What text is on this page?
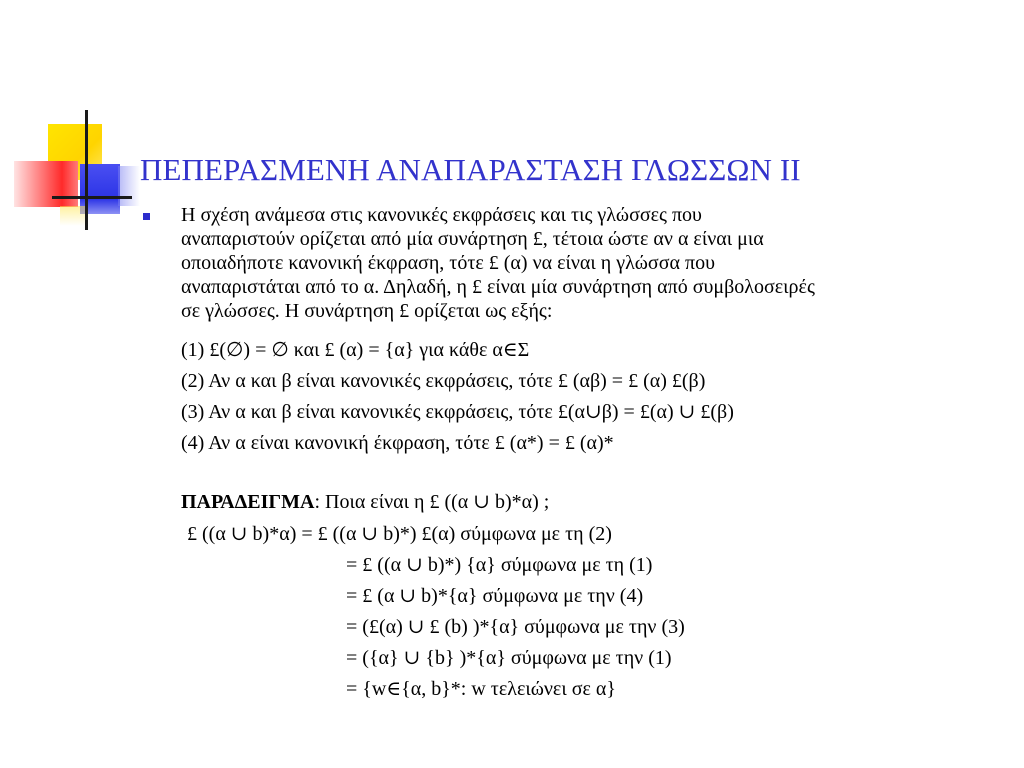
ΠΕΠΕΡΑΣΜΕΝΗ ΑΝΑΠΑΡΑΣΤΑΣΗ ΓΛΩΣΣΩΝ ΙΙ

Η σχέση ανάμεσα στις κανονικές εκφράσεις και τις γλώσσες που

αναπαριστούν ορίζεται από μία συνάρτηση £, τέτοια ώστε αν α είναι μια

οποιαδήποτε κανονική έκφραση, τότε £ (α) να είναι η γλώσσα που

αναπαριστάται από το α. Δηλαδή, η £ είναι μία συνάρτηση από συμβολοσειρές

σε γλώσσες. Η συνάρτηση £ ορίζεται ως εξής:

(1) £(∅) = ∅ και £ (α) = {α} για κάθε α∈Σ

(2) Αν α και β είναι κανονικές εκφράσεις, τότε £ (αβ) = £ (α) £(β)

(3) Αν α και β είναι κανονικές εκφράσεις, τότε £(α∪β) = £(α) ∪ £(β)

(4) Αν α είναι κανονική έκφραση, τότε £ (α*) = £ (α)*

ΠΑΡΑΔΕΙΓΜΑ: Ποια είναι η £ ((α ∪ b)*α) ;

£ ((α ∪ b)*α) = £ ((α ∪ b)*) £(α) σύμφωνα με τη (2)

= £ ((α ∪ b)*) {α} σύμφωνα με τη (1)

= £ (α ∪ b)*{α} σύμφωνα με την (4)

= (£(α) ∪ £ (b) )*{α} σύμφωνα με την (3)

= ({α} ∪ {b} )*{α} σύμφωνα με την (1)

= {w∈{α, b}*: w τελειώνει σε α}
